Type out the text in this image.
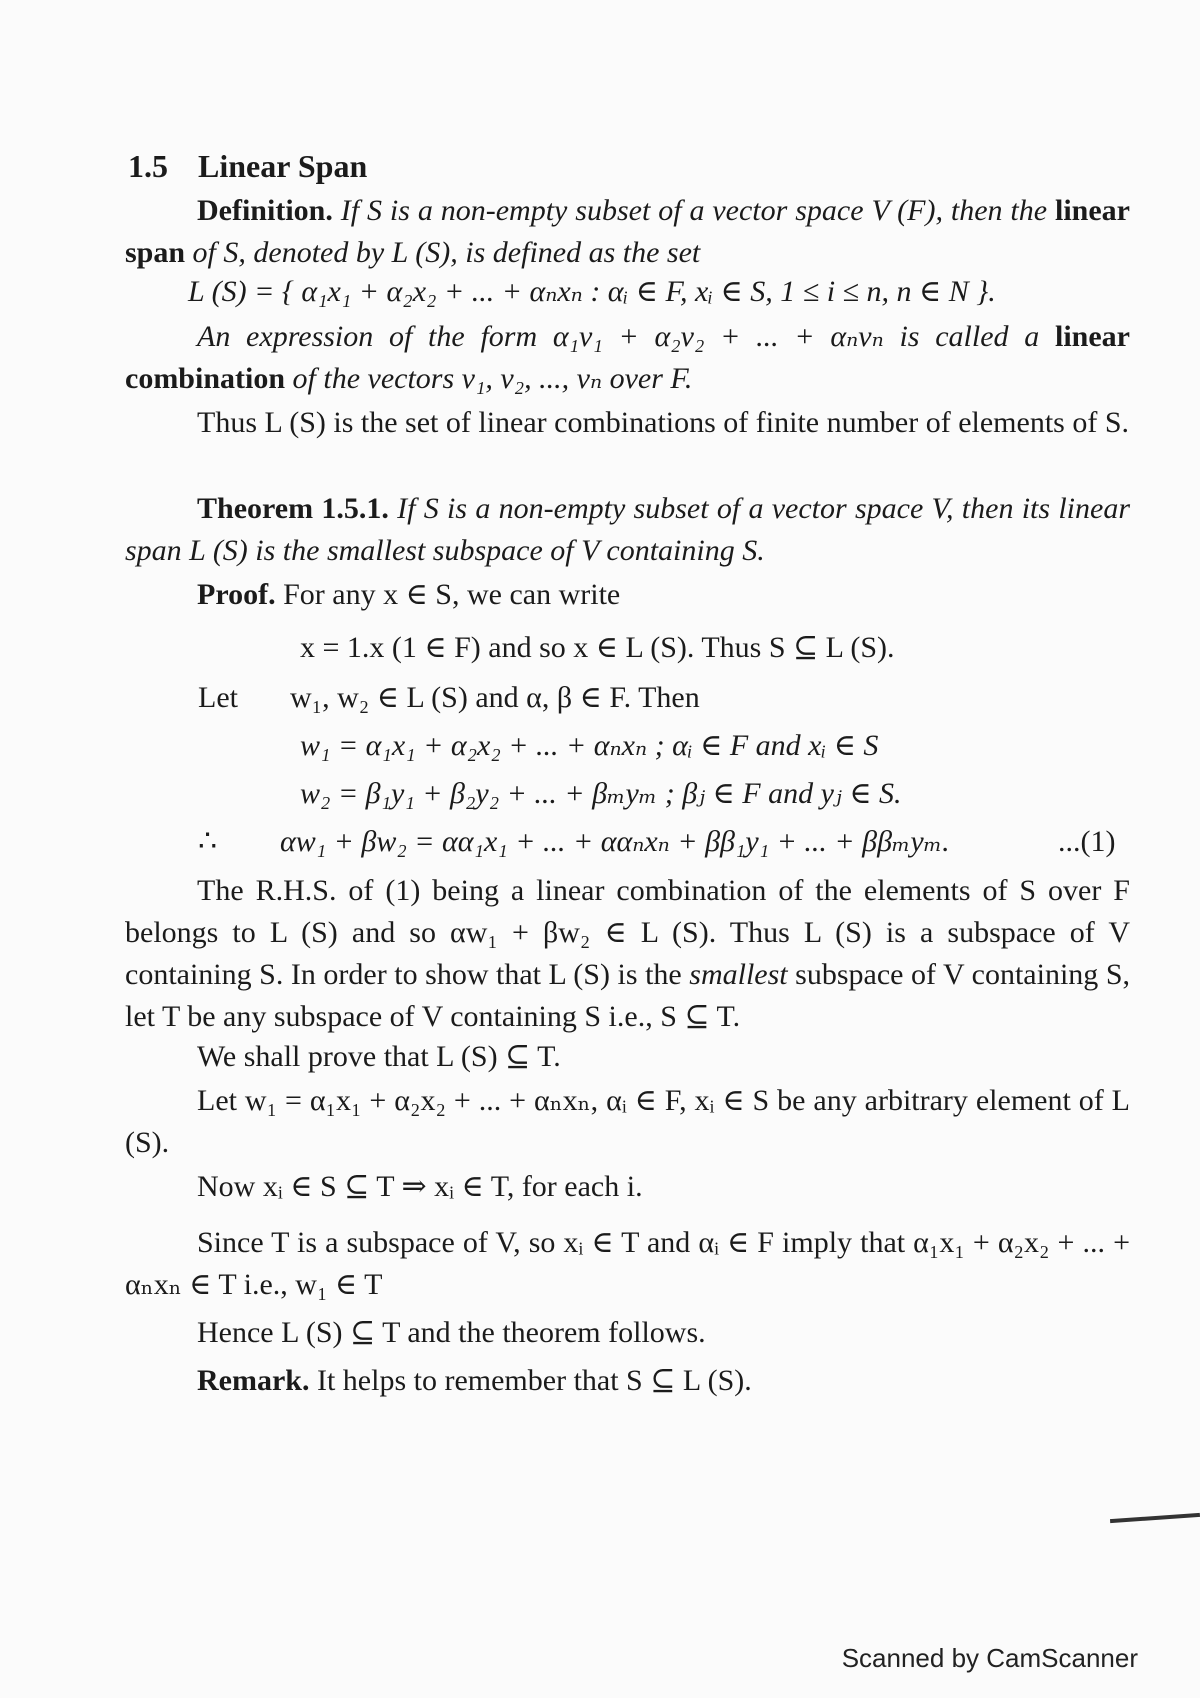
1.5 Linear Span
Definition. If S is a non-empty subset of a vector space V (F), then the linear span of S, denoted by L (S), is defined as the set
L (S) = { α₁x₁ + α₂x₂ + ... + αₙxₙ : αᵢ ∈ F, xᵢ ∈ S, 1 ≤ i ≤ n, n ∈ N }.
An expression of the form α₁v₁ + α₂v₂ + ... + αₙvₙ is called a linear combination of the vectors v₁, v₂, ..., vₙ over F.
Thus L (S) is the set of linear combinations of finite number of elements of S.
Theorem 1.5.1. If S is a non-empty subset of a vector space V, then its linear span L (S) is the smallest subspace of V containing S.
Proof. For any x ∈ S, we can write
x = 1.x (1 ∈ F) and so x ∈ L (S). Thus S ⊆ L (S).
Let w₁, w₂ ∈ L (S) and α, β ∈ F. Then
w₁ = α₁x₁ + α₂x₂ + ... + αₙxₙ ; αᵢ ∈ F and xᵢ ∈ S
w₂ = β₁y₁ + β₂y₂ + ... + βₘyₘ ; βⱼ ∈ F and yⱼ ∈ S.
∴ αw₁ + βw₂ = αα₁x₁ + ... + ααₙxₙ + ββ₁y₁ + ... + ββₘyₘ.	...(1)
The R.H.S. of (1) being a linear combination of the elements of S over F belongs to L (S) and so αw₁ + βw₂ ∈ L (S). Thus L (S) is a subspace of V containing S. In order to show that L (S) is the smallest subspace of V containing S, let T be any subspace of V containing S i.e., S ⊆ T.
We shall prove that L (S) ⊆ T.
Let w₁ = α₁x₁ + α₂x₂ + ... + αₙxₙ, αᵢ ∈ F, xᵢ ∈ S be any arbitrary element of L (S).
Now xᵢ ∈ S ⊆ T ⇒ xᵢ ∈ T, for each i.
Since T is a subspace of V, so xᵢ ∈ T and αᵢ ∈ F imply that α₁x₁ + α₂x₂ + ... + αₙxₙ ∈ T i.e., w₁ ∈ T
Hence L (S) ⊆ T and the theorem follows.
Remark. It helps to remember that S ⊆ L (S).
Scanned by CamScanner
